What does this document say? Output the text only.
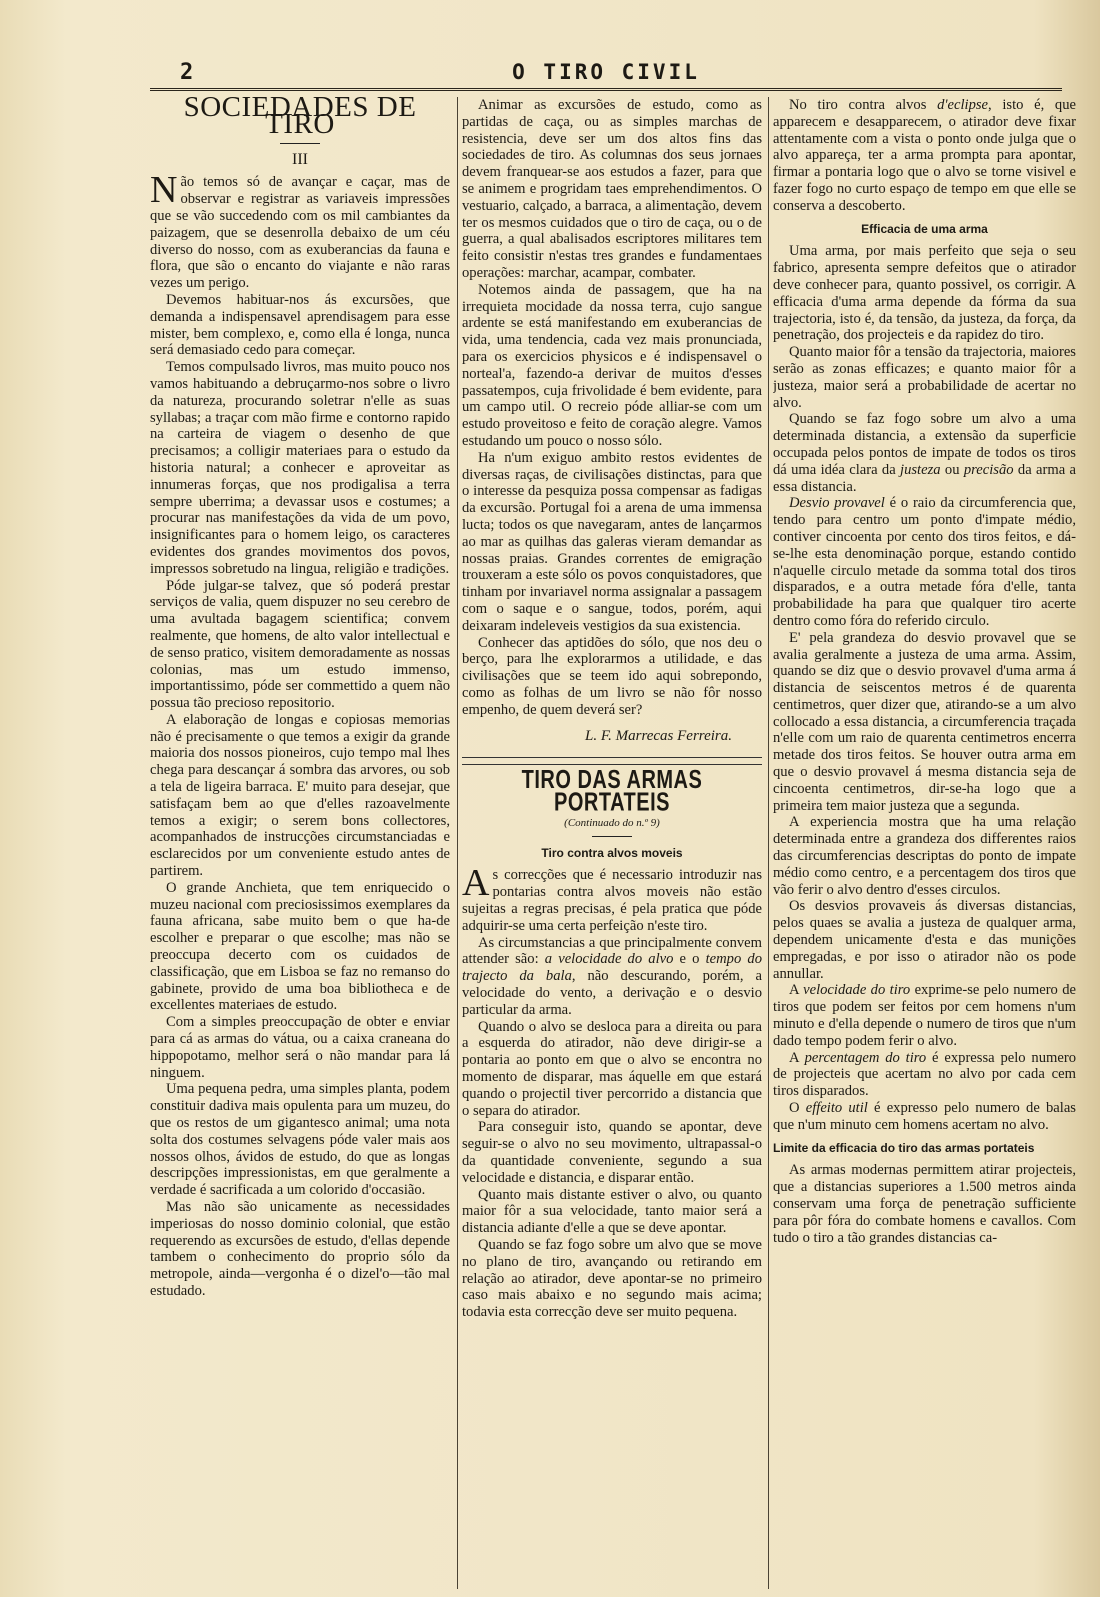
2	O TIRO CIVIL
SOCIEDADES DE TIRO
III

Não temos só de avançar e caçar, mas de observar e registrar as variaveis impressões que se vão succedendo com os mil cambiantes da paizagem, que se desenrolla debaixo de um céu diverso do nosso, com as exuberancias da fauna e flora, que são o encanto do viajante e não raras vezes um perigo.

Devemos habituar-nos ás excursões, que demanda a indispensavel aprendisagem para esse mister, bem complexo, e, como ella é longa, nunca será demasiado cedo para começar.

Temos compulsado livros, mas muito pouco nos vamos habituando a debruçarmo-nos sobre o livro da natureza, procurando soletrar n'elle as suas syllabas; a traçar com mão firme e contorno rapido na carteira de viagem o desenho de que precisamos; a colligir materiaes para o estudo da historia natural; a conhecer e aproveitar as innumeras forças, que nos prodigalisa a terra sempre uberrima; a devassar usos e costumes; a procurar nas manifestações da vida de um povo, insignificantes para o homem leigo, os caracteres evidentes dos grandes movimentos dos povos, impressos sobretudo na lingua, religião e tradições.

Póde julgar-se talvez, que só poderá prestar serviços de valia, quem dispuzer no seu cerebro de uma avultada bagagem scientifica; convem realmente, que homens, de alto valor intellectual e de senso pratico, visitem demoradamente as nossas colonias, mas um estudo immenso, importantissimo, póde ser commettido a quem não possua tão precioso repositorio.

A elaboração de longas e copiosas memorias não é precisamente o que temos a exigir da grande maioria dos nossos pioneiros, cujo tempo mal lhes chega para descançar á sombra das arvores, ou sob a tela de ligeira barraca. E' muito para desejar, que satisfaçam bem ao que d'elles razoavelmente temos a exigir; o serem bons collectores, acompanhados de instrucções circumstanciadas e esclarecidos por um conveniente estudo antes de partirem.

O grande Anchieta, que tem enriquecido o muzeu nacional com preciosissimos exemplares da fauna africana, sabe muito bem o que ha-de escolher e preparar o que escolhe; mas não se preoccupa decerto com os cuidados de classificação, que em Lisboa se faz no remanso do gabinete, provido de uma boa bibliotheca e de excellentes materiaes de estudo.

Com a simples preoccupação de obter e enviar para cá as armas do vátua, ou a caixa craneana do hippopotamo, melhor será o não mandar para lá ninguem.

Uma pequena pedra, uma simples planta, podem constituir dadiva mais opulenta para um muzeu, do que os restos de um gigantesco animal; uma nota solta dos costumes selvagens póde valer mais aos nossos olhos, ávidos de estudo, do que as longas descripções impressionistas, em que geralmente a verdade é sacrificada a um colorido d'occasião.

Mas não são unicamente as necessidades imperiosas do nosso dominio colonial, que estão requerendo as excursões de estudo, d'ellas depende tambem o conhecimento do proprio sólo da metropole, ainda—vergonha é o dizel'o—tão mal estudado.

Animar as excursões de estudo, como as partidas de caça, ou as simples marchas de resistencia, deve ser um dos altos fins das sociedades de tiro. As columnas dos seus jornaes devem franquear-se aos estudos a fazer, para que se animem e progridam taes emprehendimentos. O vestuario, calçado, a barraca, a alimentação, devem ter os mesmos cuidados que o tiro de caça, ou o de guerra, a qual abalisados escriptores militares tem feito consistir n'estas tres grandes e fundamentaes operações: marchar, acampar, combater.

Notemos ainda de passagem, que ha na irrequieta mocidade da nossa terra, cujo sangue ardente se está manifestando em exuberancias de vida, uma tendencia, cada vez mais pronunciada, para os exercicios physicos e é indispensavel o norteal'a, fazendo-a derivar de muitos d'esses passatempos, cuja frivolidade é bem evidente, para um campo util. O recreio póde alliar-se com um estudo proveitoso e feito de coração alegre. Vamos estudando um pouco o nosso sólo.

Ha n'um exiguo ambito restos evidentes de diversas raças, de civilisações distinctas, para que o interesse da pesquiza possa compensar as fadigas da excursão. Portugal foi a arena de uma immensa lucta; todos os que navegaram, antes de lançarmos ao mar as quilhas das galeras vieram demandar as nossas praias. Grandes correntes de emigração trouxeram a este sólo os povos conquistadores, que tinham por invariavel norma assignalar a passagem com o saque e o sangue, todos, porém, aqui deixaram indeleveis vestigios da sua existencia.

Conhecer das aptidões do sólo, que nos deu o berço, para lhe explorarmos a utilidade, e das civilisações que se teem ido aqui sobrepondo, como as folhas de um livro se não fôr nosso empenho, de quem deverá ser?

L. F. Marrecas Ferreira.
TIRO DAS ARMAS PORTATEIS
(Continuado do n.º 9)
Tiro contra alvos moveis

As correcções que é necessario introduzir nas pontarias contra alvos moveis não estão sujeitas a regras precisas, é pela pratica que póde adquirir-se uma certa perfeição n'este tiro.

As circumstancias a que principalmente convem attender são: a velocidade do alvo e o tempo do trajecto da bala, não descurando, porém, a velocidade do vento, a derivação e o desvio particular da arma.

Quando o alvo se desloca para a direita ou para a esquerda do atirador, não deve dirigir-se a pontaria ao ponto em que o alvo se encontra no momento de disparar, mas áquelle em que estará quando o projectil tiver percorrido a distancia que o separa do atirador.

Para conseguir isto, quando se apontar, deve seguir-se o alvo no seu movimento, ultrapassal-o da quantidade conveniente, segundo a sua velocidade e distancia, e disparar então.

Quanto mais distante estiver o alvo, ou quanto maior fôr a sua velocidade, tanto maior será a distancia adiante d'elle a que se deve apontar.

Quando se faz fogo sobre um alvo que se move no plano de tiro, avançando ou retirando em relação ao atirador, deve apontar-se no primeiro caso mais abaixo e no segundo mais acima; todavia esta correcção deve ser muito pequena.

No tiro contra alvos d'eclipse, isto é, que apparecem e desapparecem, o atirador deve fixar attentamente com a vista o ponto onde julga que o alvo appareça, ter a arma prompta para apontar, firmar a pontaria logo que o alvo se torne visivel e fazer fogo no curto espaço de tempo em que elle se conserva a descoberto.

Efficacia de uma arma

Uma arma, por mais perfeito que seja o seu fabrico, apresenta sempre defeitos que o atirador deve conhecer para, quanto possivel, os corrigir. A efficacia d'uma arma depende da fórma da sua trajectoria, isto é, da tensão, da justeza, da força, da penetração, dos projecteis e da rapidez do tiro.

Quanto maior fôr a tensão da trajectoria, maiores serão as zonas efficazes; e quanto maior fôr a justeza, maior será a probabilidade de acertar no alvo.

Quando se faz fogo sobre um alvo a uma determinada distancia, a extensão da superficie occupada pelos pontos de impate de todos os tiros dá uma idéa clara da justeza ou precisão da arma a essa distancia.

Desvio provavel é o raio da circumferencia que, tendo para centro um ponto d'impate médio, contiver cincoenta por cento dos tiros feitos, e dá-se-lhe esta denominação porque, estando contido n'aquelle circulo metade da somma total dos tiros disparados, e a outra metade fóra d'elle, tanta probabilidade ha para que qualquer tiro acerte dentro como fóra do referido circulo.

E' pela grandeza do desvio provavel que se avalia geralmente a justeza de uma arma. Assim, quando se diz que o desvio provavel d'uma arma á distancia de seiscentos metros é de quarenta centimetros, quer dizer que, atirando-se a um alvo collocado a essa distancia, a circumferencia traçada n'elle com um raio de quarenta centimetros encerra metade dos tiros feitos. Se houver outra arma em que o desvio provavel á mesma distancia seja de cincoenta centimetros, dir-se-ha logo que a primeira tem maior justeza que a segunda.

A experiencia mostra que ha uma relação determinada entre a grandeza dos differentes raios das circumferencias descriptas do ponto de impate médio como centro, e a percentagem dos tiros que vão ferir o alvo dentro d'esses circulos.

Os desvios provaveis ás diversas distancias, pelos quaes se avalia a justeza de qualquer arma, dependem unicamente d'esta e das munições empregadas, e por isso o atirador não os pode annullar.

A velocidade do tiro exprime-se pelo numero de tiros que podem ser feitos por cem homens n'um minuto e d'ella depende o numero de tiros que n'um dado tempo podem ferir o alvo.

A percentagem do tiro é expressa pelo numero de projecteis que acertam no alvo por cada cem tiros disparados.

O effeito util é expresso pelo numero de balas que n'um minuto cem homens acertam no alvo.

Limite da efficacia do tiro das armas portateis

As armas modernas permittem atirar projecteis, que a distancias superiores a 1.500 metros ainda conservam uma força de penetração sufficiente para pôr fóra do combate homens e cavallos. Com tudo o tiro a tão grandes distancias ca-
